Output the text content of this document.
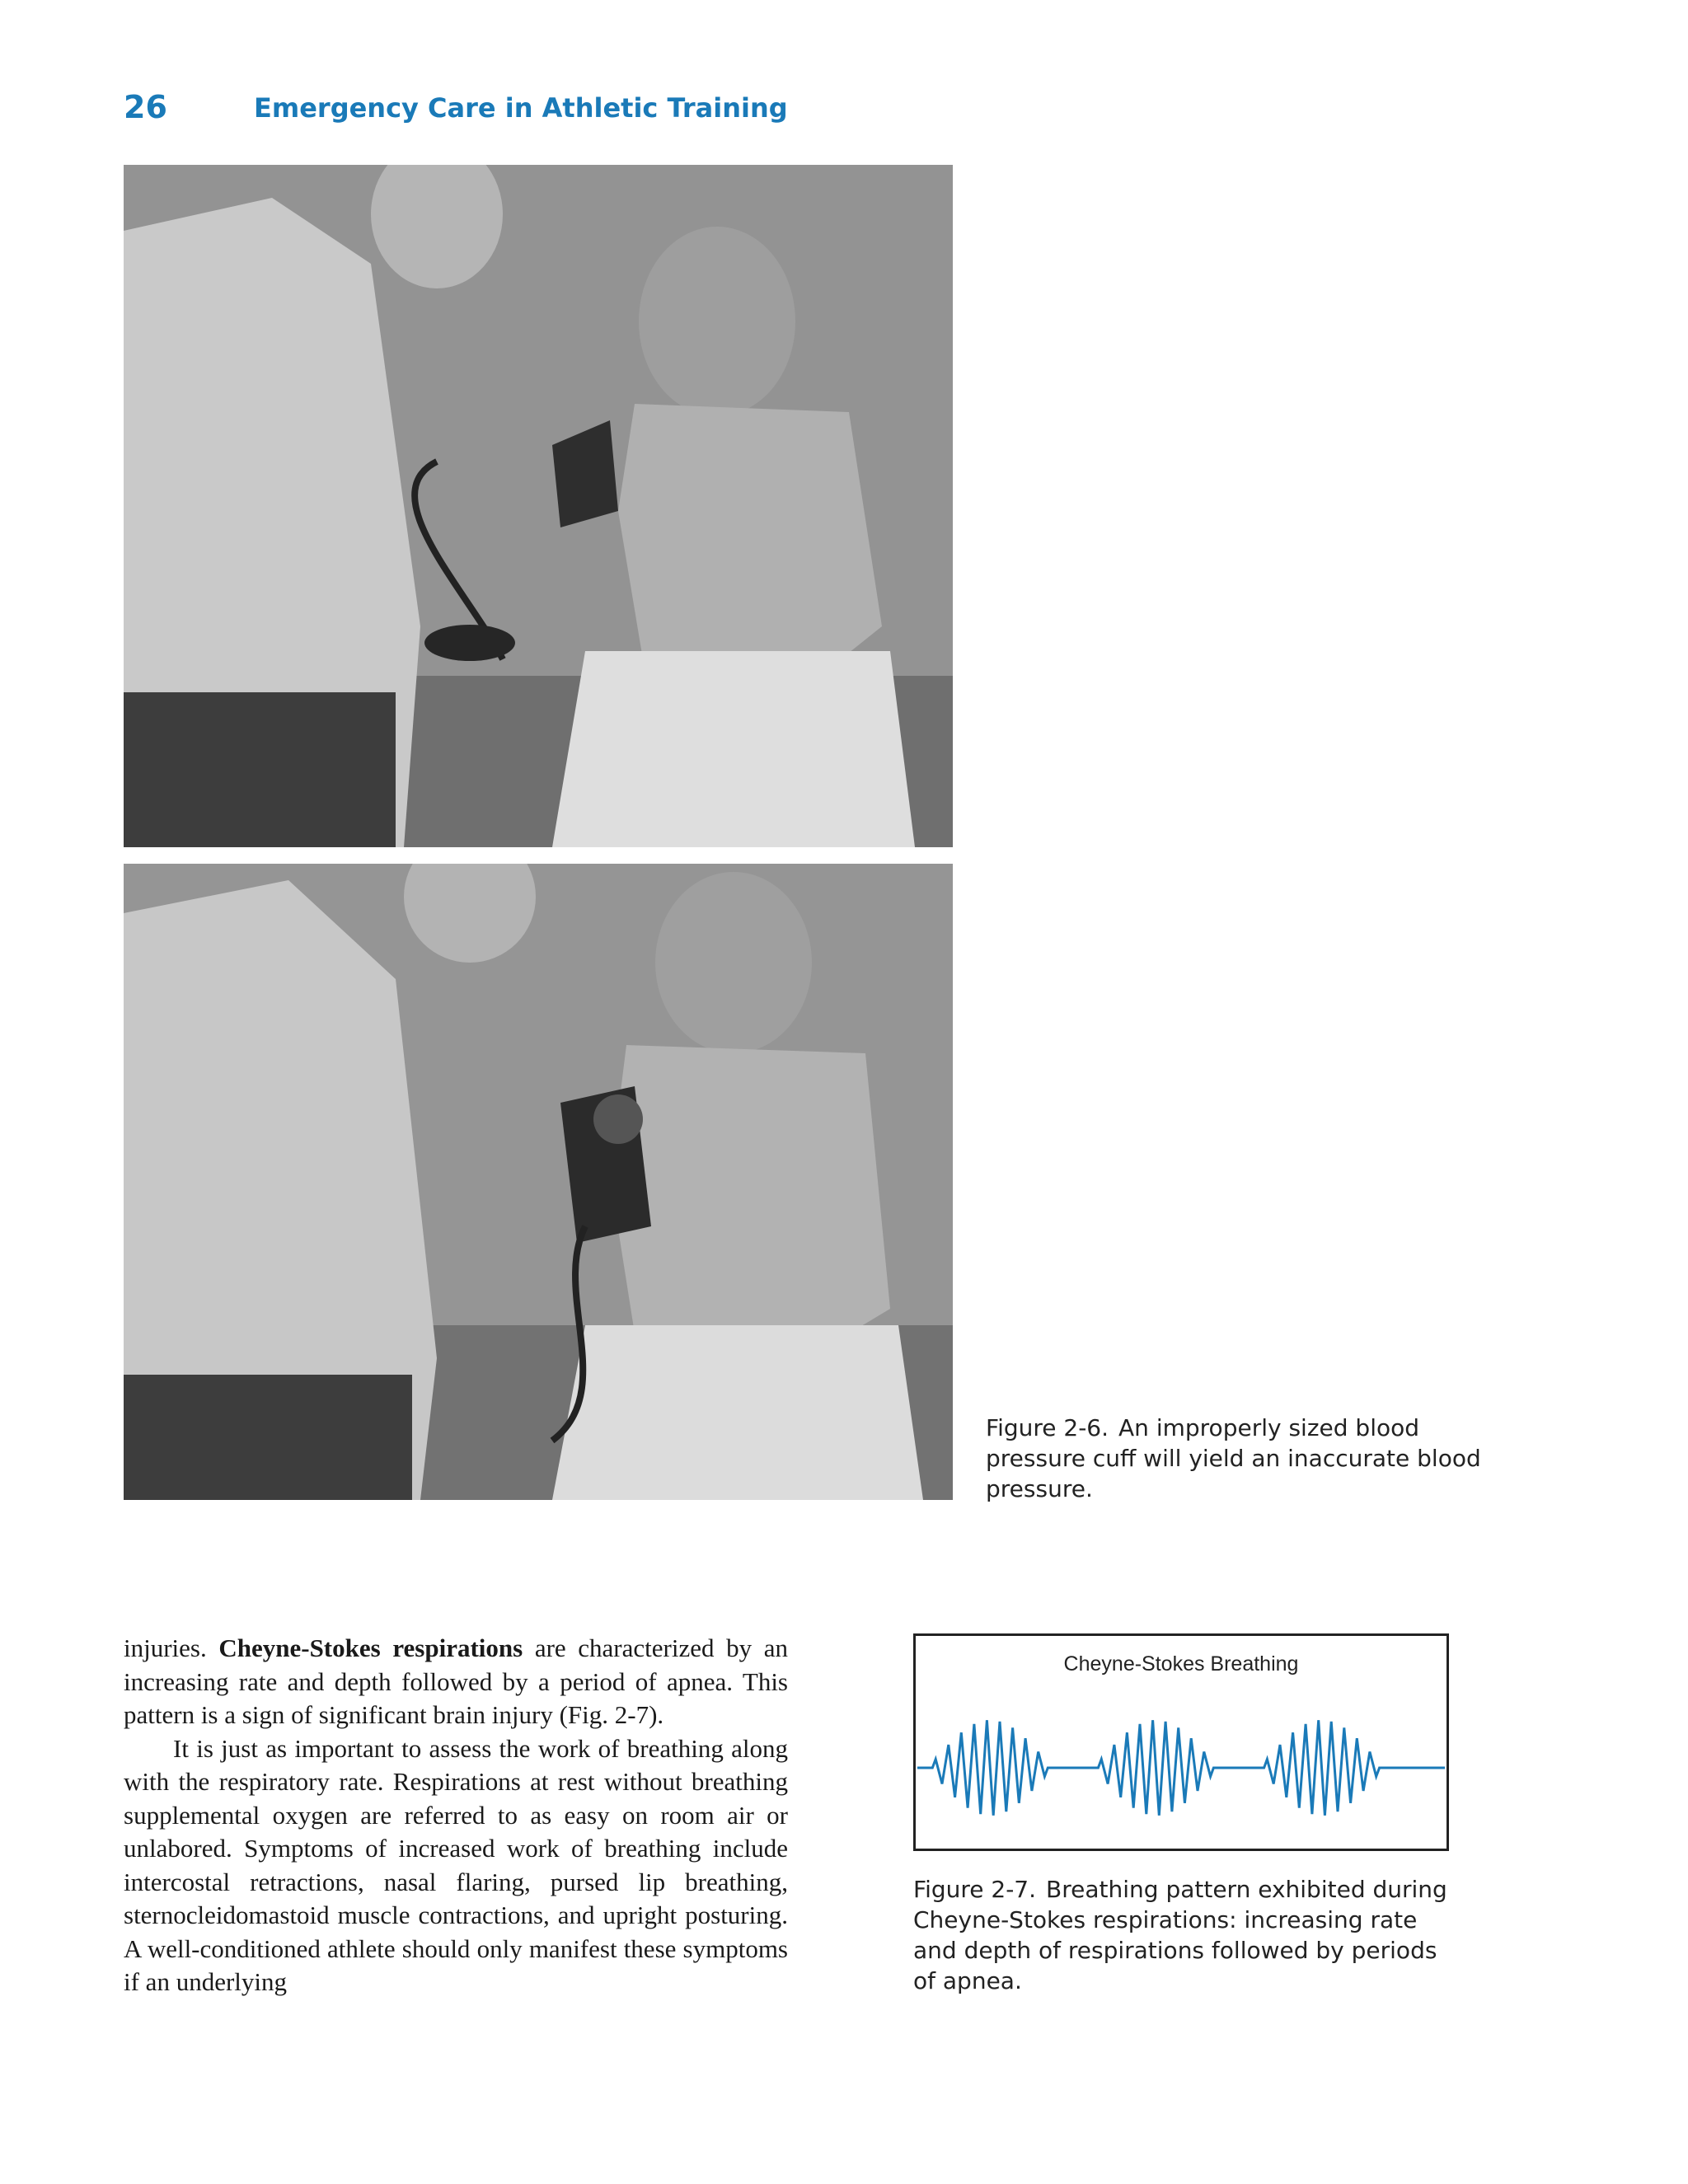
26	Emergency Care in Athletic Training
Figure 2-6. An improperly sized blood pressure cuff will yield an inaccurate blood pressure.

injuries. Cheyne-Stokes respirations are characterized by an increasing rate and depth followed by a period of apnea. This pattern is a sign of significant brain injury (Fig. 2-7).

It is just as important to assess the work of breathing along with the respiratory rate. Respirations at rest without breathing supplemental oxygen are referred to as easy on room air or unlabored. Symptoms of increased work of breathing include intercostal retractions, nasal flaring, pursed lip breathing, sternocleidomastoid muscle contractions, and upright posturing. A well-conditioned athlete should only manifest these symptoms if an underlying

Cheyne-Stokes Breathing
Figure 2-7. Breathing pattern exhibited during Cheyne-Stokes respirations: increasing rate and depth of respirations followed by periods of apnea.
